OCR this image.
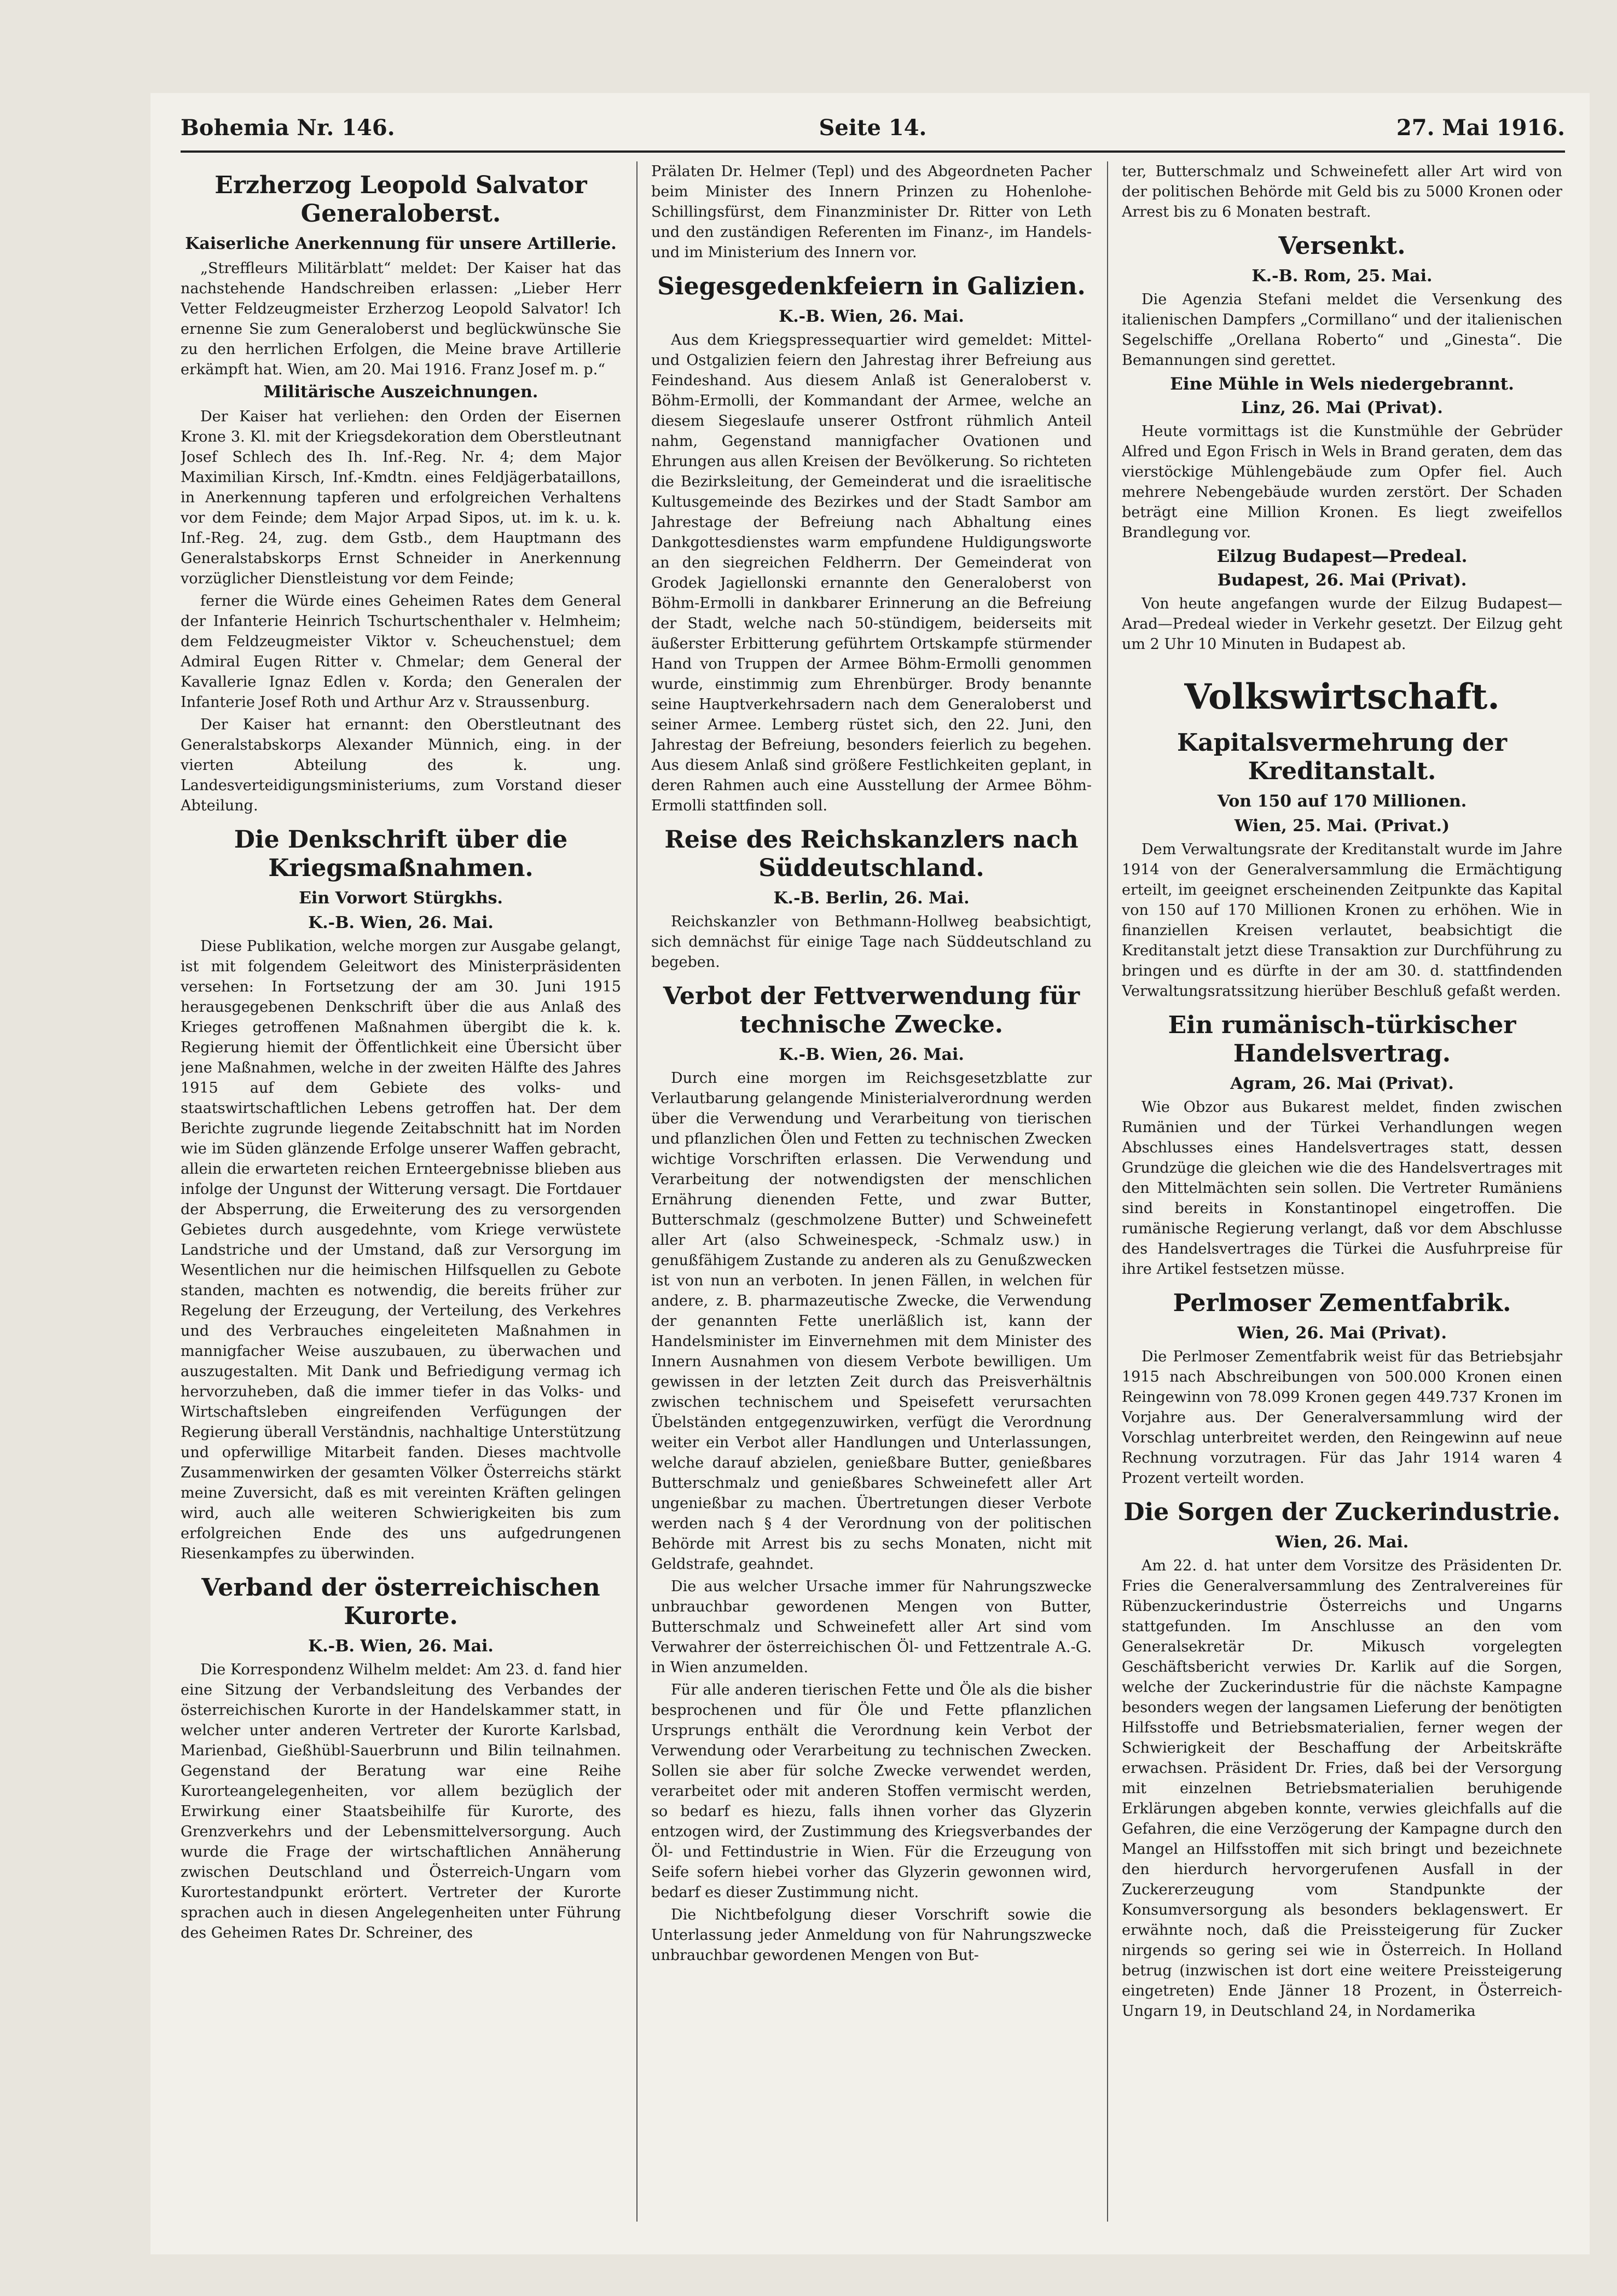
Bohemia Nr. 146.	Seite 14.	27. Mai 1916.
Erzherzog Leopold Salvator Generaloberst.
Kaiserliche Anerkennung für unsere Artillerie.

„Streffleurs Militärblatt“ meldet: Der Kaiser hat das nachstehende Handschreiben erlassen: „Lieber Herr Vetter Feldzeugmeister Erzherzog Leopold Salvator! Ich ernenne Sie zum Generaloberst und beglückwünsche Sie zu den herrlichen Erfolgen, die Meine brave Artillerie erkämpft hat. Wien, am 20. Mai 1916. Franz Josef m. p.“

Militärische Auszeichnungen.

Der Kaiser hat verliehen: den Orden der Eisernen Krone 3. Kl. mit der Kriegsdekoration dem Oberstleutnant Josef Schlech des Ih. Inf.-Reg. Nr. 4; dem Major Maximilian Kirsch, Inf.-Kmdtn. eines Feldjägerbataillons, in Anerkennung tapferen und erfolgreichen Verhaltens vor dem Feinde; dem Major Arpad Sipos, ut. im k. u. k. Inf.-Reg. 24, zug. dem Gstb., dem Hauptmann des Generalstabskorps Ernst Schneider in Anerkennung vorzüglicher Dienstleistung vor dem Feinde;

ferner die Würde eines Geheimen Rates dem General der Infanterie Heinrich Tschurtschenthaler v. Helmheim; dem Feldzeugmeister Viktor v. Scheuchenstuel; dem Admiral Eugen Ritter v. Chmelar; dem General der Kavallerie Ignaz Edlen v. Korda; den Generalen der Infanterie Josef Roth und Arthur Arz v. Straussenburg.

Der Kaiser hat ernannt: den Oberstleutnant des Generalstabskorps Alexander Münnich, eing. in der vierten Abteilung des k. ung. Landesverteidigungsministeriums, zum Vorstand dieser Abteilung.

Die Denkschrift über die Kriegsmaßnahmen.
Ein Vorwort Stürgkhs.
K.-B. Wien, 26. Mai.

Diese Publikation, welche morgen zur Ausgabe gelangt, ist mit folgendem Geleitwort des Ministerpräsidenten versehen: In Fortsetzung der am 30. Juni 1915 herausgegebenen Denkschrift über die aus Anlaß des Krieges getroffenen Maßnahmen übergibt die k. k. Regierung hiemit der Öffentlichkeit eine Übersicht über jene Maßnahmen, welche in der zweiten Hälfte des Jahres 1915 auf dem Gebiete des volks- und staatswirtschaftlichen Lebens getroffen hat. Der dem Berichte zugrunde liegende Zeitabschnitt hat im Norden wie im Süden glänzende Erfolge unserer Waffen gebracht, allein die erwarteten reichen Ernteergebnisse blieben aus infolge der Ungunst der Witterung versagt. Die Fortdauer der Absperrung, die Erweiterung des zu versorgenden Gebietes durch ausgedehnte, vom Kriege verwüstete Landstriche und der Umstand, daß zur Versorgung im Wesentlichen nur die heimischen Hilfsquellen zu Gebote standen, machten es notwendig, die bereits früher zur Regelung der Erzeugung, der Verteilung, des Verkehres und des Verbrauches eingeleiteten Maßnahmen in mannigfacher Weise auszubauen, zu überwachen und auszugestalten. Mit Dank und Befriedigung vermag ich hervorzuheben, daß die immer tiefer in das Volks- und Wirtschaftsleben eingreifenden Verfügungen der Regierung überall Verständnis, nachhaltige Unterstützung und opferwillige Mitarbeit fanden. Dieses machtvolle Zusammenwirken der gesamten Völker Österreichs stärkt meine Zuversicht, daß es mit vereinten Kräften gelingen wird, auch alle weiteren Schwierigkeiten bis zum erfolgreichen Ende des uns aufgedrungenen Riesenkampfes zu überwinden.

Verband der österreichischen Kurorte.
K.-B. Wien, 26. Mai.

Die Korrespondenz Wilhelm meldet: Am 23. d. fand hier eine Sitzung der Verbandsleitung des Verbandes der österreichischen Kurorte in der Handelskammer statt, in welcher unter anderen Vertreter der Kurorte Karlsbad, Marienbad, Gießhübl-Sauerbrunn und Bilin teilnahmen. Gegenstand der Beratung war eine Reihe Kurorteangelegenheiten, vor allem bezüglich der Erwirkung einer Staatsbeihilfe für Kurorte, des Grenzverkehrs und der Lebensmittelversorgung. Auch wurde die Frage der wirtschaftlichen Annäherung zwischen Deutschland und Österreich-Ungarn vom Kurortestandpunkt erörtert. Vertreter der Kurorte sprachen auch in diesen Angelegenheiten unter Führung des Geheimen Rates Dr. Schreiner, des

Prälaten Dr. Helmer (Tepl) und des Abgeordneten Pacher beim Minister des Innern Prinzen zu Hohenlohe-Schillingsfürst, dem Finanzminister Dr. Ritter von Leth und den zuständigen Referenten im Finanz-, im Handels- und im Ministerium des Innern vor.

Siegesgedenkfeiern in Galizien.
K.-B. Wien, 26. Mai.

Aus dem Kriegspressequartier wird gemeldet: Mittel- und Ostgalizien feiern den Jahrestag ihrer Befreiung aus Feindeshand. Aus diesem Anlaß ist Generaloberst v. Böhm-Ermolli, der Kommandant der Armee, welche an diesem Siegeslaufe unserer Ostfront rühmlich Anteil nahm, Gegenstand mannigfacher Ovationen und Ehrungen aus allen Kreisen der Bevölkerung. So richteten die Bezirksleitung, der Gemeinderat und die israelitische Kultusgemeinde des Bezirkes und der Stadt Sambor am Jahrestage der Befreiung nach Abhaltung eines Dankgottesdienstes warm empfundene Huldigungsworte an den siegreichen Feldherrn. Der Gemeinderat von Grodek Jagiellonski ernannte den Generaloberst von Böhm-Ermolli in dankbarer Erinnerung an die Befreiung der Stadt, welche nach 50-stündigem, beiderseits mit äußerster Erbitterung geführtem Ortskampfe stürmender Hand von Truppen der Armee Böhm-Ermolli genommen wurde, einstimmig zum Ehrenbürger. Brody benannte seine Hauptverkehrsadern nach dem Generaloberst und seiner Armee. Lemberg rüstet sich, den 22. Juni, den Jahrestag der Befreiung, besonders feierlich zu begehen. Aus diesem Anlaß sind größere Festlichkeiten geplant, in deren Rahmen auch eine Ausstellung der Armee Böhm-Ermolli stattfinden soll.

Reise des Reichskanzlers nach Süddeutschland.
K.-B. Berlin, 26. Mai.

Reichskanzler von Bethmann-Hollweg beabsichtigt, sich demnächst für einige Tage nach Süddeutschland zu begeben.

Verbot der Fettverwendung für technische Zwecke.
K.-B. Wien, 26. Mai.

Durch eine morgen im Reichsgesetzblatte zur Verlautbarung gelangende Ministerialverordnung werden über die Verwendung und Verarbeitung von tierischen und pflanzlichen Ölen und Fetten zu technischen Zwecken wichtige Vorschriften erlassen. Die Verwendung und Verarbeitung der notwendigsten der menschlichen Ernährung dienenden Fette, und zwar Butter, Butterschmalz (geschmolzene Butter) und Schweinefett aller Art (also Schweinespeck, -Schmalz usw.) in genußfähigem Zustande zu anderen als zu Genußzwecken ist von nun an verboten. In jenen Fällen, in welchen für andere, z. B. pharmazeutische Zwecke, die Verwendung der genannten Fette unerläßlich ist, kann der Handelsminister im Einvernehmen mit dem Minister des Innern Ausnahmen von diesem Verbote bewilligen. Um gewissen in der letzten Zeit durch das Preisverhältnis zwischen technischem und Speisefett verursachten Übelständen entgegenzuwirken, verfügt die Verordnung weiter ein Verbot aller Handlungen und Unterlassungen, welche darauf abzielen, genießbare Butter, genießbares Butterschmalz und genießbares Schweinefett aller Art ungenießbar zu machen. Übertretungen dieser Verbote werden nach § 4 der Verordnung von der politischen Behörde mit Arrest bis zu sechs Monaten, nicht mit Geldstrafe, geahndet.

Die aus welcher Ursache immer für Nahrungszwecke unbrauchbar gewordenen Mengen von Butter, Butterschmalz und Schweinefett aller Art sind vom Verwahrer der österreichischen Öl- und Fettzentrale A.-G. in Wien anzumelden.

Für alle anderen tierischen Fette und Öle als die bisher besprochenen und für Öle und Fette pflanzlichen Ursprungs enthält die Verordnung kein Verbot der Verwendung oder Verarbeitung zu technischen Zwecken. Sollen sie aber für solche Zwecke verwendet werden, verarbeitet oder mit anderen Stoffen vermischt werden, so bedarf es hiezu, falls ihnen vorher das Glyzerin entzogen wird, der Zustimmung des Kriegsverbandes der Öl- und Fettindustrie in Wien. Für die Erzeugung von Seife sofern hiebei vorher das Glyzerin gewonnen wird, bedarf es dieser Zustimmung nicht.

Die Nichtbefolgung dieser Vorschrift sowie die Unterlassung jeder Anmeldung von für Nahrungszwecke unbrauchbar gewordenen Mengen von But-

ter, Butterschmalz und Schweinefett aller Art wird von der politischen Behörde mit Geld bis zu 5000 Kronen oder Arrest bis zu 6 Monaten bestraft.

Versenkt.
K.-B. Rom, 25. Mai.

Die Agenzia Stefani meldet die Versenkung des italienischen Dampfers „Cormillano“ und der italienischen Segelschiffe „Orellana Roberto“ und „Ginesta“. Die Bemannungen sind gerettet.

Eine Mühle in Wels niedergebrannt.
Linz, 26. Mai (Privat).

Heute vormittags ist die Kunstmühle der Gebrüder Alfred und Egon Frisch in Wels in Brand geraten, dem das vierstöckige Mühlengebäude zum Opfer fiel. Auch mehrere Nebengebäude wurden zerstört. Der Schaden beträgt eine Million Kronen. Es liegt zweifellos Brandlegung vor.

Eilzug Budapest—Predeal.
Budapest, 26. Mai (Privat).

Von heute angefangen wurde der Eilzug Budapest—Arad—Predeal wieder in Verkehr gesetzt. Der Eilzug geht um 2 Uhr 10 Minuten in Budapest ab.

Volkswirtschaft.
Kapitalsvermehrung der Kreditanstalt.
Von 150 auf 170 Millionen.
Wien, 25. Mai. (Privat.)

Dem Verwaltungsrate der Kreditanstalt wurde im Jahre 1914 von der Generalversammlung die Ermächtigung erteilt, im geeignet erscheinenden Zeitpunkte das Kapital von 150 auf 170 Millionen Kronen zu erhöhen. Wie in finanziellen Kreisen verlautet, beabsichtigt die Kreditanstalt jetzt diese Transaktion zur Durchführung zu bringen und es dürfte in der am 30. d. stattfindenden Verwaltungsratssitzung hierüber Beschluß gefaßt werden.

Ein rumänisch-türkischer Handelsvertrag.
Agram, 26. Mai (Privat).

Wie Obzor aus Bukarest meldet, finden zwischen Rumänien und der Türkei Verhandlungen wegen Abschlusses eines Handelsvertrages statt, dessen Grundzüge die gleichen wie die des Handelsvertrages mit den Mittelmächten sein sollen. Die Vertreter Rumäniens sind bereits in Konstantinopel eingetroffen. Die rumänische Regierung verlangt, daß vor dem Abschlusse des Handelsvertrages die Türkei die Ausfuhrpreise für ihre Artikel festsetzen müsse.

Perlmoser Zementfabrik.
Wien, 26. Mai (Privat).

Die Perlmoser Zementfabrik weist für das Betriebsjahr 1915 nach Abschreibungen von 500.000 Kronen einen Reingewinn von 78.099 Kronen gegen 449.737 Kronen im Vorjahre aus. Der Generalversammlung wird der Vorschlag unterbreitet werden, den Reingewinn auf neue Rechnung vorzutragen. Für das Jahr 1914 waren 4 Prozent verteilt worden.

Die Sorgen der Zuckerindustrie.
Wien, 26. Mai.

Am 22. d. hat unter dem Vorsitze des Präsidenten Dr. Fries die Generalversammlung des Zentralvereines für Rübenzuckerindustrie Österreichs und Ungarns stattgefunden. Im Anschlusse an den vom Generalsekretär Dr. Mikusch vorgelegten Geschäftsbericht verwies Dr. Karlik auf die Sorgen, welche der Zuckerindustrie für die nächste Kampagne besonders wegen der langsamen Lieferung der benötigten Hilfsstoffe und Betriebsmaterialien, ferner wegen der Schwierigkeit der Beschaffung der Arbeitskräfte erwachsen. Präsident Dr. Fries, daß bei der Versorgung mit einzelnen Betriebsmaterialien beruhigende Erklärungen abgeben konnte, verwies gleichfalls auf die Gefahren, die eine Verzögerung der Kampagne durch den Mangel an Hilfsstoffen mit sich bringt und bezeichnete den hierdurch hervorgerufenen Ausfall in der Zuckererzeugung vom Standpunkte der Konsumversorgung als besonders beklagenswert. Er erwähnte noch, daß die Preissteigerung für Zucker nirgends so gering sei wie in Österreich. In Holland betrug (inzwischen ist dort eine weitere Preissteigerung eingetreten) Ende Jänner 18 Prozent, in Österreich-Ungarn 19, in Deutschland 24, in Nordamerika
